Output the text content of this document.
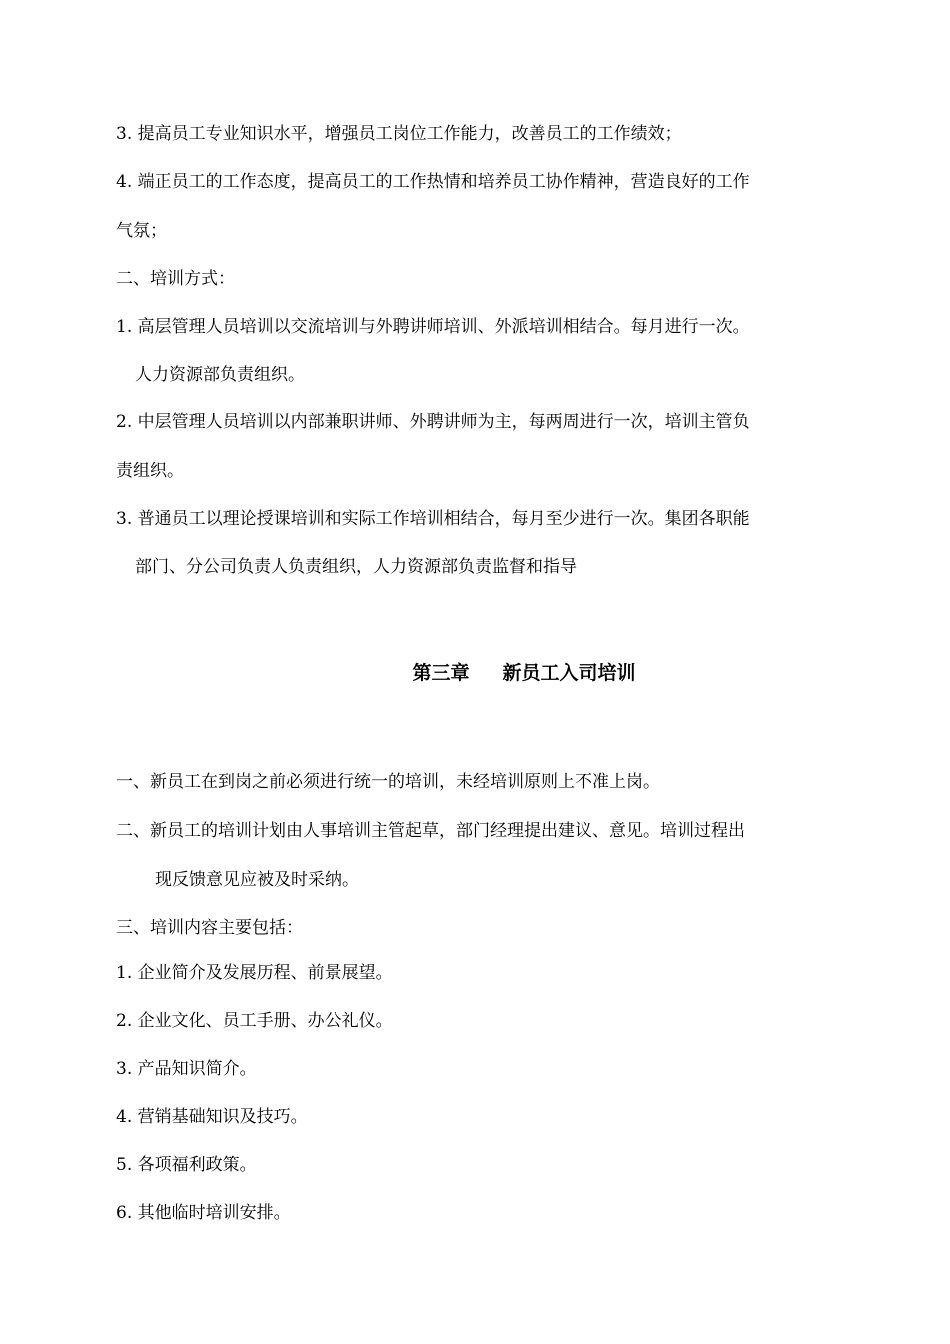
3. 提高员工专业知识水平，增强员工岗位工作能力，改善员工的工作绩效；
4. 端正员工的工作态度，提高员工的工作热情和培养员工协作精神，营造良好的工作
气氛；
二、培训方式：
1. 高层管理人员培训以交流培训与外聘讲师培训、外派培训相结合。每月进行一次。
人力资源部负责组织。
2. 中层管理人员培训以内部兼职讲师、外聘讲师为主，每两周进行一次，培训主管负
责组织。
3. 普通员工以理论授课培训和实际工作培训相结合，每月至少进行一次。集团各职能
部门、分公司负责人负责组织，人力资源部负责监督和指导
第三章     新员工入司培训
一、新员工在到岗之前必须进行统一的培训，未经培训原则上不准上岗。
二、新员工的培训计划由人事培训主管起草，部门经理提出建议、意见。培训过程出
现反馈意见应被及时采纳。
三、培训内容主要包括：
1. 企业简介及发展历程、前景展望。
2. 企业文化、员工手册、办公礼仪。
3. 产品知识简介。
4. 营销基础知识及技巧。
5. 各项福利政策。
6. 其他临时培训安排。
